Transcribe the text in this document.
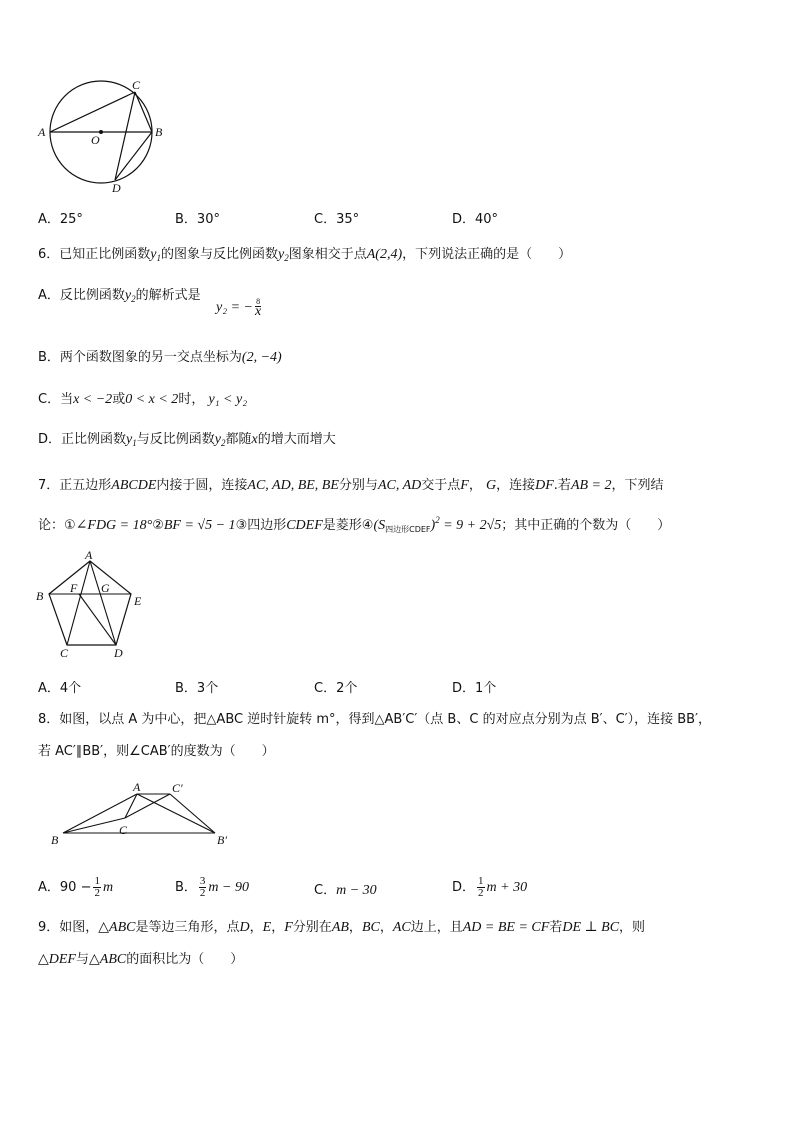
A	B
C
D
O
A．25°	B．30°	C．35°	D．40°
6．已知正比例函数$y_1$的图象与反比例函数$y_2$图象相交于点A(2,4)，下列说法正确的是（　　）
A．反比例函数$y_2$的解析式是
y₂ = − $\frac{8}{x}$
B．两个函数图象的另一交点坐标为(2, −4)
C．当x < −2或0 < x < 2时， y₁ < y₂
D．正比例函数$y_1$与反比例函数$y_2$都随x的增大而增大
7．正五边形ABCDE内接于圆，连接AC, AD, BE, BE分别与AC, AD交于点F， G，连接DF.若AB = 2，下列结
论：①∠FDG = 18°②BF = √5 − 1③四边形CDEF是菱形$④(S_{四边形CDEF})^2 = 9 + 2√5$；其中正确的个数为（　　）
A
B
C	D
E
F G
A．4个	B．3个	C．2个	D．1个
8．如图，以点 A 为中心，把△ABC 逆时针旋转 m°，得到△AB′C′（点 B、C 的对应点分别为点 B′、C′），连接 BB′，
若 AC′∥BB′，则∠CAB′的度数为（　　）
A	C′
B
C
B′
A．$90 - \frac{1}{2}$ m	B． $\frac{3}{2}$ m − 90	C．m − 30	D． $\frac{1}{2}$ m + 30
9．如图，△ABC是等边三角形，点D，E，F分别在AB，BC，AC边上，且AD = BE = CF若DE ⊥ BC，则
△DEF与△ABC的面积比为（　　）
